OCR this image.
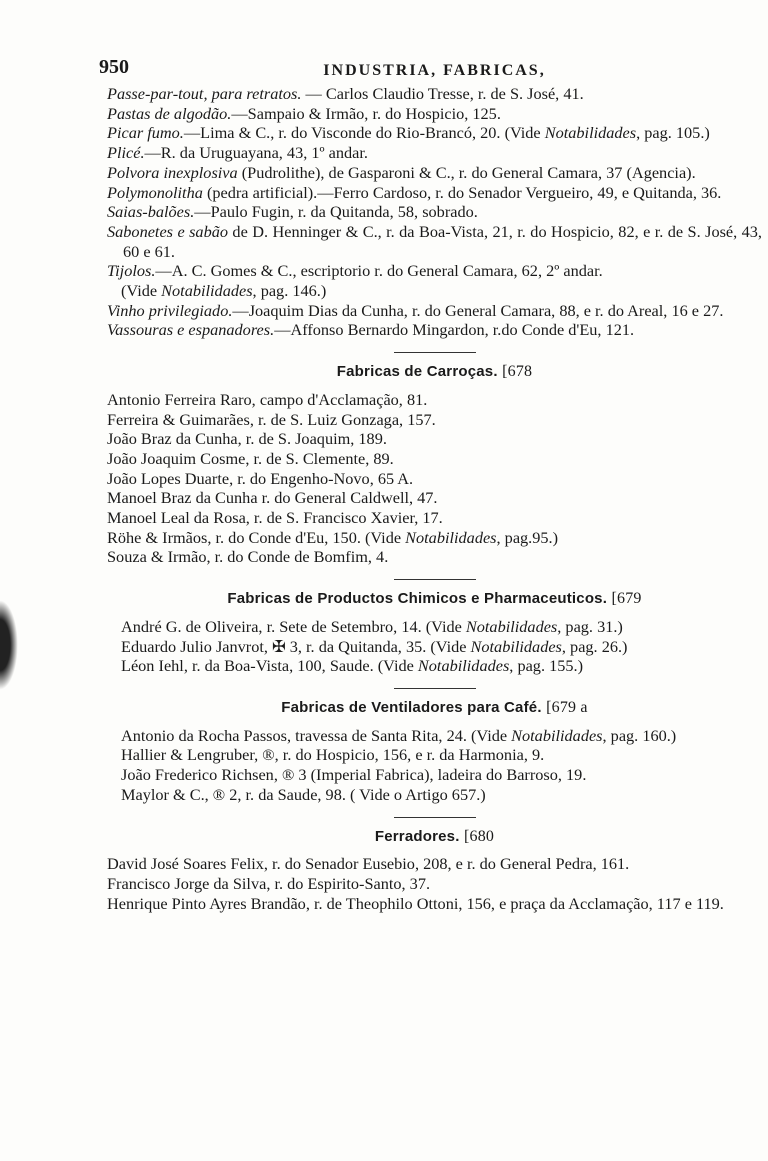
950	INDUSTRIA, FABRICAS,
Passe-par-tout, para retratos. — Carlos Claudio Tresse, r. de S. José, 41.
Pastas de algodão.—Sampaio & Irmão, r. do Hospicio, 125.
Picar fumo.—Lima & C., r. do Visconde do Rio-Brancó, 20. (Vide Notabilidades, pag. 105.)
Plicé.—R. da Uruguayana, 43, 1º andar.
Polvora inexplosiva (Pudrolithe), de Gasparoni & C., r. do General Camara, 37 (Agencia).
Polymonolitha (pedra artificial).—Ferro Cardoso, r. do Senador Vergueiro, 49, e Quitanda, 36.
Saias-balões.—Paulo Fugin, r. da Quitanda, 58, sobrado.
Sabonetes e sabão de D. Henninger & C., r. da Boa-Vista, 21, r. do Hospicio, 82, e r. de S. José, 43, 60 e 61.
Tijolos.—A. C. Gomes & C., escriptorio r. do General Camara, 62, 2º andar.
(Vide Notabilidades, pag. 146.)
Vinho privilegiado.—Joaquim Dias da Cunha, r. do General Camara, 88, e r. do Areal, 16 e 27.
Vassouras e espanadores.—Affonso Bernardo Mingardon, r.do Conde d'Eu, 121.
Fabricas de Carroças. [678
Antonio Ferreira Raro, campo d'Acclamação, 81.
Ferreira & Guimarães, r. de S. Luiz Gonzaga, 157.
João Braz da Cunha, r. de S. Joaquim, 189.
João Joaquim Cosme, r. de S. Clemente, 89.
João Lopes Duarte, r. do Engenho-Novo, 65 A.
Manoel Braz da Cunha r. do General Caldwell, 47.
Manoel Leal da Rosa, r. de S. Francisco Xavier, 17.
Röhe & Irmãos, r. do Conde d'Eu, 150. (Vide Notabilidades, pag.95.)
Souza & Irmão, r. do Conde de Bomfim, 4.
Fabricas de Productos Chimicos e Pharmaceuticos. [679
André G. de Oliveira, r. Sete de Setembro, 14. (Vide Notabilidades, pag. 31.)
Eduardo Julio Janvrot, ✠ 3, r. da Quitanda, 35. (Vide Notabilidades, pag. 26.)
Léon Iehl, r. da Boa-Vista, 100, Saude. (Vide Notabilidades, pag. 155.)
Fabricas de Ventiladores para Café. [679 a
Antonio da Rocha Passos, travessa de Santa Rita, 24. (Vide Notabilidades, pag. 160.)
Hallier & Lengruber, ®, r. do Hospicio, 156, e r. da Harmonia, 9.
João Frederico Richsen, ® 3 (Imperial Fabrica), ladeira do Barroso, 19.
Maylor & C., ® 2, r. da Saude, 98. ( Vide o Artigo 657.)
Ferradores. [680
David José Soares Felix, r. do Senador Eusebio, 208, e r. do General Pedra, 161.
Francisco Jorge da Silva, r. do Espirito-Santo, 37.
Henrique Pinto Ayres Brandão, r. de Theophilo Ottoni, 156, e praça da Acclamação, 117 e 119.
